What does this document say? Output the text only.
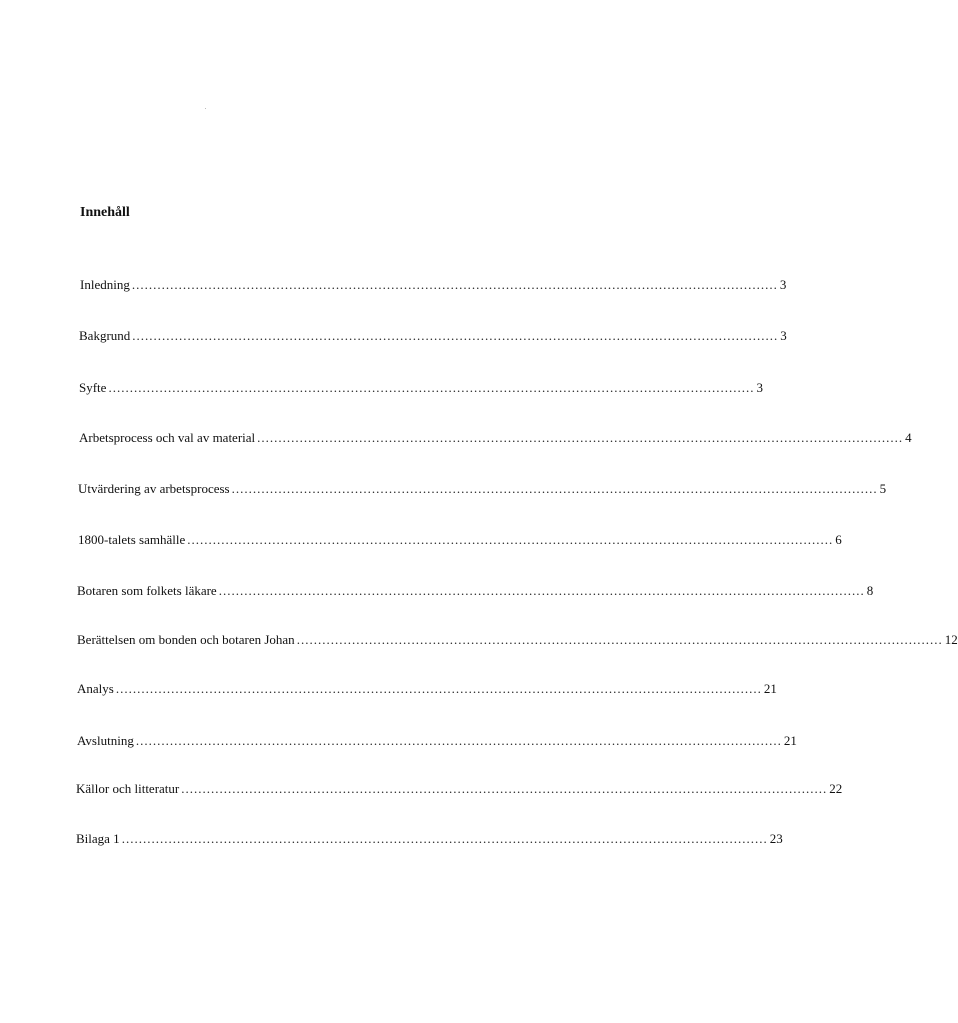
Innehåll
Inledning ........................................................................................................................................................ 3
Bakgrund ........................................................................................................................................................ 3
Syfte ........................................................................................................................................................ 3
Arbetsprocess och val av material ........................................................................................................................................................ 4
Utvärdering av arbetsprocess ........................................................................................................................................................ 5
1800-talets samhälle ........................................................................................................................................................ 6
Botaren som folkets läkare ........................................................................................................................................................ 8
Berättelsen om bonden och botaren Johan ........................................................................................................................................................ 12
Analys ........................................................................................................................................................ 21
Avslutning ........................................................................................................................................................ 21
Källor och litteratur ........................................................................................................................................................ 22
Bilaga 1 ........................................................................................................................................................ 23
